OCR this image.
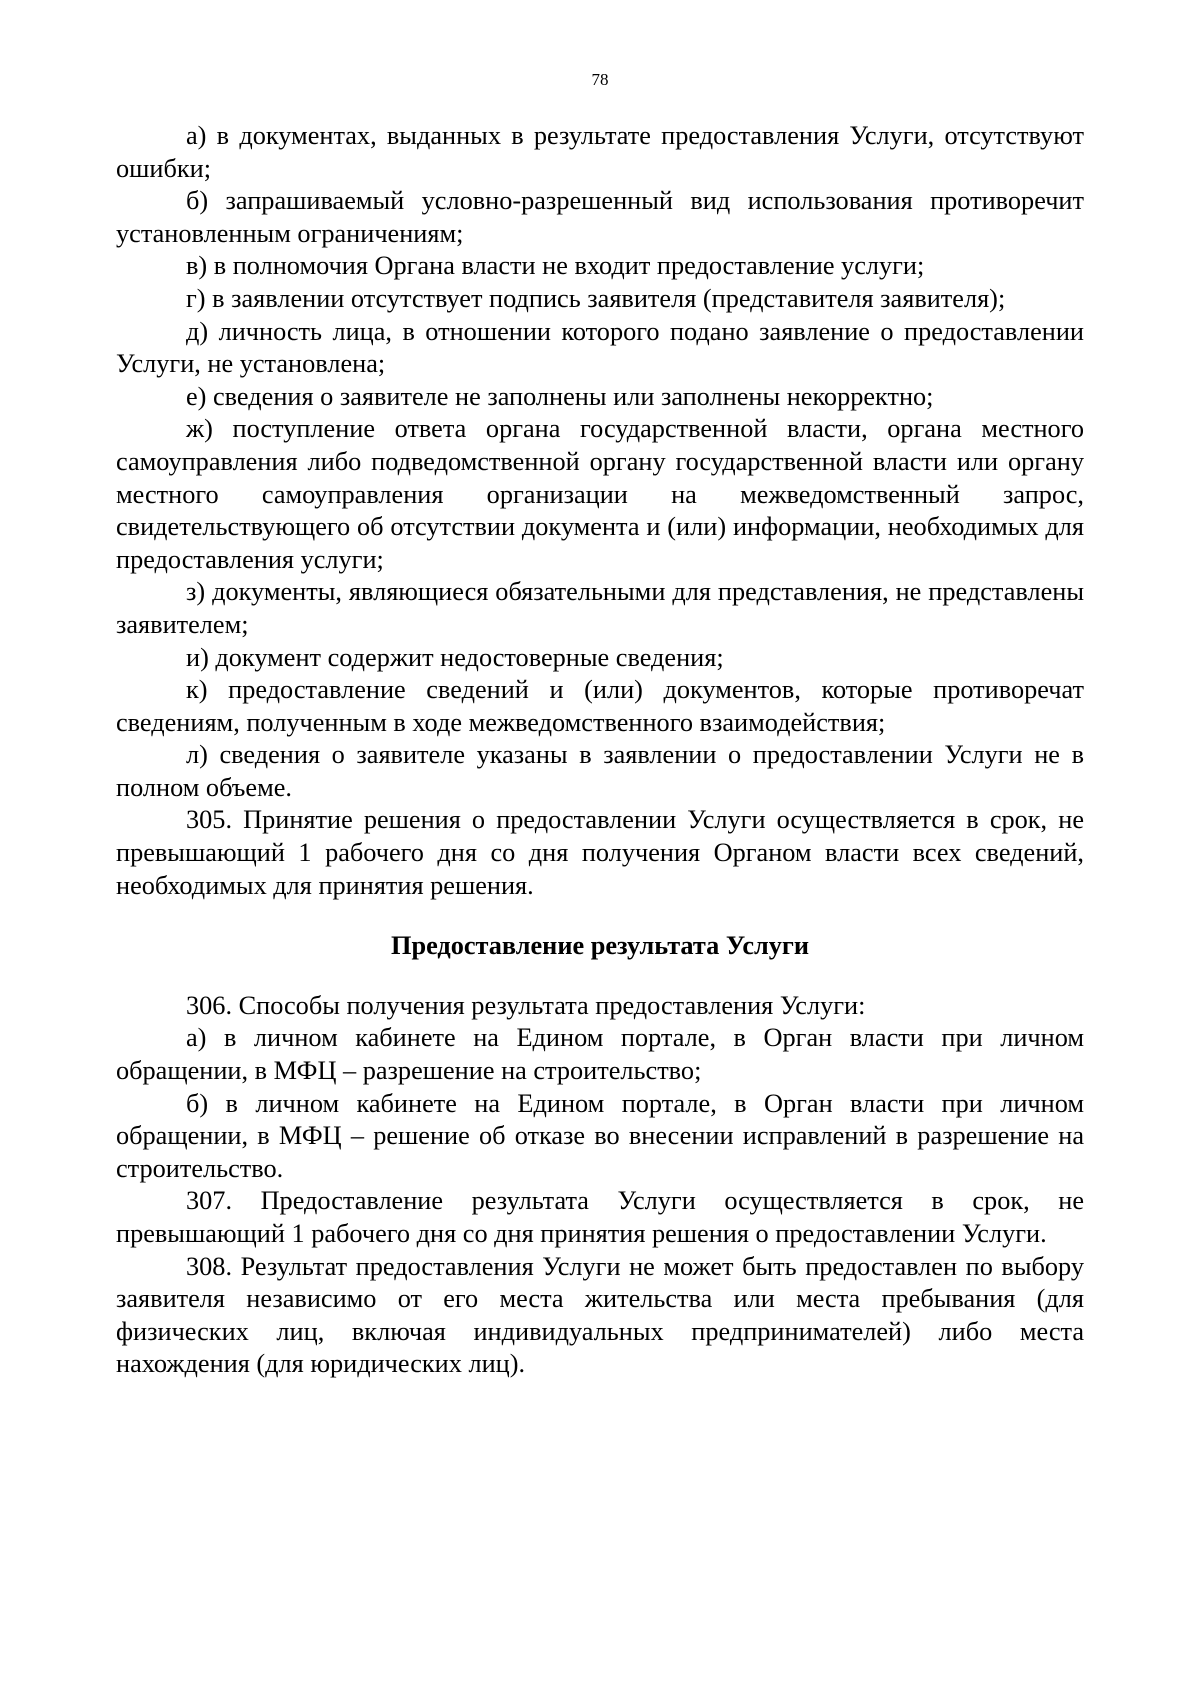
78

а) в документах, выданных в результате предоставления Услуги, отсутствуют ошибки;

б) запрашиваемый условно-разрешенный вид использования противоречит установленным ограничениям;

в) в полномочия Органа власти не входит предоставление услуги;

г) в заявлении отсутствует подпись заявителя (представителя заявителя);

д) личность лица, в отношении которого подано заявление о предоставлении Услуги, не установлена;

е) сведения о заявителе не заполнены или заполнены некорректно;

ж) поступление ответа органа государственной власти, органа местного самоуправления либо подведомственной органу государственной власти или органу местного самоуправления организации на межведомственный запрос, свидетельствующего об отсутствии документа и (или) информации, необходимых для предоставления услуги;

з) документы, являющиеся обязательными для представления, не представлены заявителем;

и) документ содержит недостоверные сведения;

к) предоставление сведений и (или) документов, которые противоречат сведениям, полученным в ходе межведомственного взаимодействия;

л) сведения о заявителе указаны в заявлении о предоставлении Услуги не в полном объеме.

305. Принятие решения о предоставлении Услуги осуществляется в срок, не превышающий 1 рабочего дня со дня получения Органом власти всех сведений, необходимых для принятия решения.

Предоставление результата Услуги

306. Способы получения результата предоставления Услуги:

а) в личном кабинете на Едином портале, в Орган власти при личном обращении, в МФЦ – разрешение на строительство;

б) в личном кабинете на Едином портале, в Орган власти при личном обращении, в МФЦ – решение об отказе во внесении исправлений в разрешение на строительство.

307. Предоставление результата Услуги осуществляется в срок, не превышающий 1 рабочего дня со дня принятия решения о предоставлении Услуги.

308. Результат предоставления Услуги не может быть предоставлен по выбору заявителя независимо от его места жительства или места пребывания (для физических лиц, включая индивидуальных предпринимателей) либо места нахождения (для юридических лиц).
